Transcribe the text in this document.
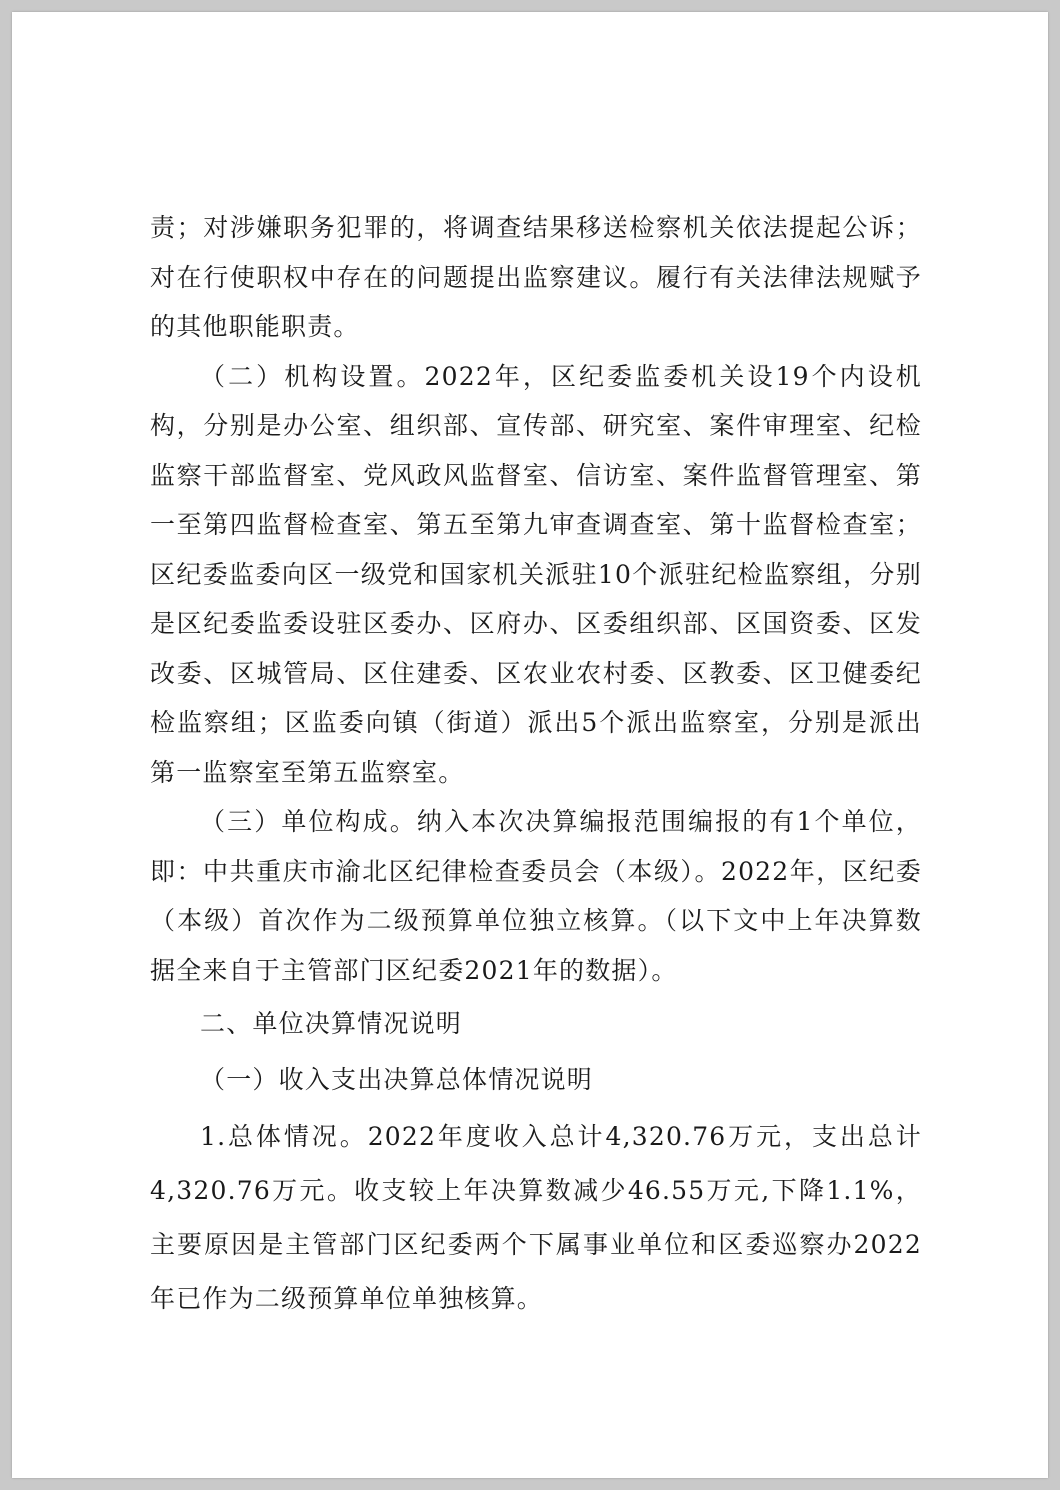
责；对涉嫌职务犯罪的，将调查结果移送检察机关依法提起公诉；对在行使职权中存在的问题提出监察建议。履行有关法律法规赋予的其他职能职责。

（二）机构设置。2022年，区纪委监委机关设19个内设机构，分别是办公室、组织部、宣传部、研究室、案件审理室、纪检监察干部监督室、党风政风监督室、信访室、案件监督管理室、第一至第四监督检查室、第五至第九审查调查室、第十监督检查室；区纪委监委向区一级党和国家机关派驻10个派驻纪检监察组，分别是区纪委监委设驻区委办、区府办、区委组织部、区国资委、区发改委、区城管局、区住建委、区农业农村委、区教委、区卫健委纪检监察组；区监委向镇（街道）派出5个派出监察室，分别是派出第一监察室至第五监察室。

（三）单位构成。纳入本次决算编报范围编报的有1个单位，即：中共重庆市渝北区纪律检查委员会（本级）。2022年，区纪委（本级）首次作为二级预算单位独立核算。（以下文中上年决算数据全来自于主管部门区纪委2021年的数据）。

二、单位决算情况说明

（一）收入支出决算总体情况说明

1.总体情况。2022年度收入总计4,320.76万元，支出总计4,320.76万元。收支较上年决算数减少46.55万元,下降1.1%，主要原因是主管部门区纪委两个下属事业单位和区委巡察办2022年已作为二级预算单位单独核算。
